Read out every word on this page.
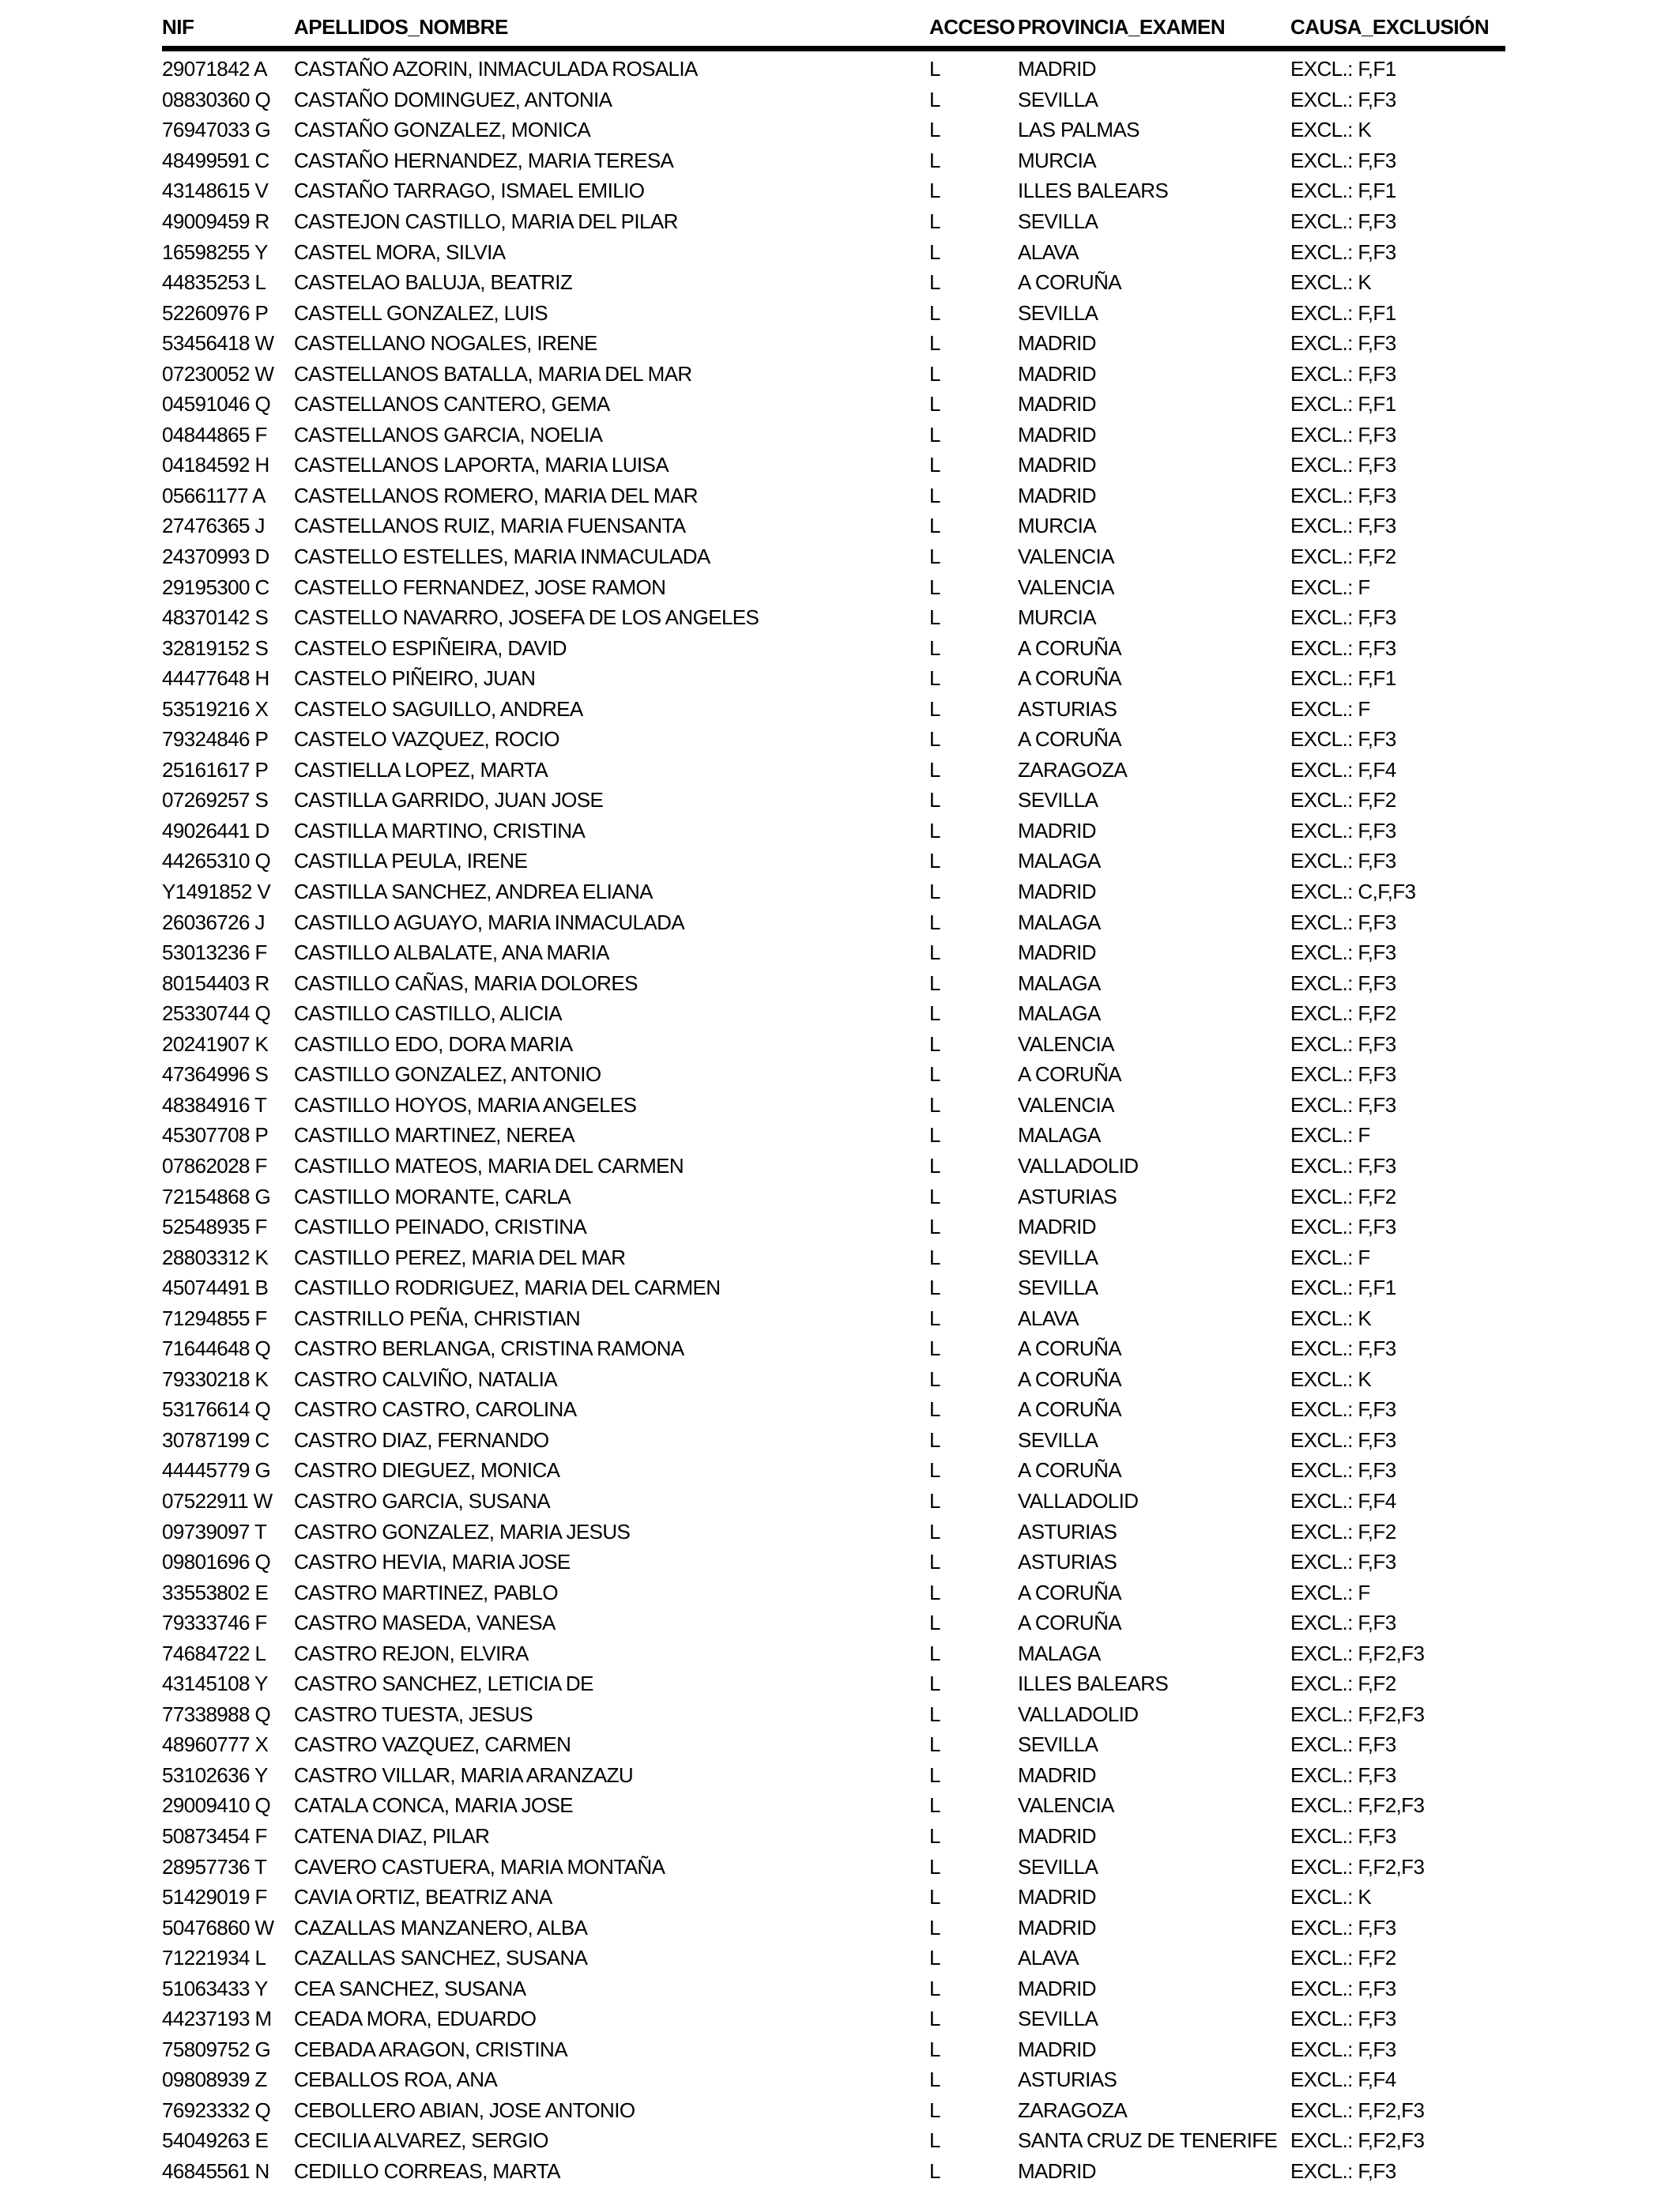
NIF	APELLIDOS_NOMBRE	ACCESO PROVINCIA_EXAMEN	CAUSA_EXCLUSIÓN
29071842 A	CASTAÑO AZORIN, INMACULADA ROSALIA	L	MADRID	EXCL.: F,F1
08830360 Q	CASTAÑO DOMINGUEZ, ANTONIA	L	SEVILLA	EXCL.: F,F3
76947033 G	CASTAÑO GONZALEZ, MONICA	L	LAS PALMAS	EXCL.: K
48499591 C	CASTAÑO HERNANDEZ, MARIA TERESA	L	MURCIA	EXCL.: F,F3
43148615 V	CASTAÑO TARRAGO, ISMAEL EMILIO	L	ILLES BALEARS	EXCL.: F,F1
49009459 R	CASTEJON CASTILLO, MARIA DEL PILAR	L	SEVILLA	EXCL.: F,F3
16598255 Y	CASTEL MORA, SILVIA	L	ALAVA	EXCL.: F,F3
44835253 L	CASTELAO BALUJA, BEATRIZ	L	A CORUÑA	EXCL.: K
52260976 P	CASTELL GONZALEZ, LUIS	L	SEVILLA	EXCL.: F,F1
53456418 W CASTELLANO NOGALES, IRENE	L	MADRID	EXCL.: F,F3
07230052 W CASTELLANOS BATALLA, MARIA DEL MAR	L	MADRID	EXCL.: F,F3
04591046 Q	CASTELLANOS CANTERO, GEMA	L	MADRID	EXCL.: F,F1
04844865 F	CASTELLANOS GARCIA, NOELIA	L	MADRID	EXCL.: F,F3
04184592 H	CASTELLANOS LAPORTA, MARIA LUISA	L	MADRID	EXCL.: F,F3
05661177 A	CASTELLANOS ROMERO, MARIA DEL MAR	L	MADRID	EXCL.: F,F3
27476365 J	CASTELLANOS RUIZ, MARIA FUENSANTA	L	MURCIA	EXCL.: F,F3
24370993 D	CASTELLO ESTELLES, MARIA INMACULADA	L	VALENCIA	EXCL.: F,F2
29195300 C	CASTELLO FERNANDEZ, JOSE RAMON	L	VALENCIA	EXCL.: F
48370142 S	CASTELLO NAVARRO, JOSEFA DE LOS ANGELES	L	MURCIA	EXCL.: F,F3
32819152 S	CASTELO ESPIÑEIRA, DAVID	L	A CORUÑA	EXCL.: F,F3
44477648 H	CASTELO PIÑEIRO, JUAN	L	A CORUÑA	EXCL.: F,F1
53519216 X	CASTELO SAGUILLO, ANDREA	L	ASTURIAS	EXCL.: F
79324846 P	CASTELO VAZQUEZ, ROCIO	L	A CORUÑA	EXCL.: F,F3
25161617 P	CASTIELLA LOPEZ, MARTA	L	ZARAGOZA	EXCL.: F,F4
07269257 S	CASTILLA GARRIDO, JUAN JOSE	L	SEVILLA	EXCL.: F,F2
49026441 D	CASTILLA MARTINO, CRISTINA	L	MADRID	EXCL.: F,F3
44265310 Q	CASTILLA PEULA, IRENE	L	MALAGA	EXCL.: F,F3
Y1491852 V	CASTILLA SANCHEZ, ANDREA ELIANA	L	MADRID	EXCL.: C,F,F3
26036726 J	CASTILLO AGUAYO, MARIA INMACULADA	L	MALAGA	EXCL.: F,F3
53013236 F	CASTILLO ALBALATE, ANA MARIA	L	MADRID	EXCL.: F,F3
80154403 R	CASTILLO CAÑAS, MARIA DOLORES	L	MALAGA	EXCL.: F,F3
25330744 Q	CASTILLO CASTILLO, ALICIA	L	MALAGA	EXCL.: F,F2
20241907 K	CASTILLO EDO, DORA MARIA	L	VALENCIA	EXCL.: F,F3
47364996 S	CASTILLO GONZALEZ, ANTONIO	L	A CORUÑA	EXCL.: F,F3
48384916 T	CASTILLO HOYOS, MARIA ANGELES	L	VALENCIA	EXCL.: F,F3
45307708 P	CASTILLO MARTINEZ, NEREA	L	MALAGA	EXCL.: F
07862028 F	CASTILLO MATEOS, MARIA DEL CARMEN	L	VALLADOLID	EXCL.: F,F3
72154868 G	CASTILLO MORANTE, CARLA	L	ASTURIAS	EXCL.: F,F2
52548935 F	CASTILLO PEINADO, CRISTINA	L	MADRID	EXCL.: F,F3
28803312 K	CASTILLO PEREZ, MARIA DEL MAR	L	SEVILLA	EXCL.: F
45074491 B	CASTILLO RODRIGUEZ, MARIA DEL CARMEN	L	SEVILLA	EXCL.: F,F1
71294855 F	CASTRILLO PEÑA, CHRISTIAN	L	ALAVA	EXCL.: K
71644648 Q	CASTRO BERLANGA, CRISTINA RAMONA	L	A CORUÑA	EXCL.: F,F3
79330218 K	CASTRO CALVIÑO, NATALIA	L	A CORUÑA	EXCL.: K
53176614 Q	CASTRO CASTRO, CAROLINA	L	A CORUÑA	EXCL.: F,F3
30787199 C	CASTRO DIAZ, FERNANDO	L	SEVILLA	EXCL.: F,F3
44445779 G	CASTRO DIEGUEZ, MONICA	L	A CORUÑA	EXCL.: F,F3
07522911 W	CASTRO GARCIA, SUSANA	L	VALLADOLID	EXCL.: F,F4
09739097 T	CASTRO GONZALEZ, MARIA JESUS	L	ASTURIAS	EXCL.: F,F2
09801696 Q	CASTRO HEVIA, MARIA JOSE	L	ASTURIAS	EXCL.: F,F3
33553802 E	CASTRO MARTINEZ, PABLO	L	A CORUÑA	EXCL.: F
79333746 F	CASTRO MASEDA, VANESA	L	A CORUÑA	EXCL.: F,F3
74684722 L	CASTRO REJON, ELVIRA	L	MALAGA	EXCL.: F,F2,F3
43145108 Y	CASTRO SANCHEZ, LETICIA DE	L	ILLES BALEARS	EXCL.: F,F2
77338988 Q	CASTRO TUESTA, JESUS	L	VALLADOLID	EXCL.: F,F2,F3
48960777 X	CASTRO VAZQUEZ, CARMEN	L	SEVILLA	EXCL.: F,F3
53102636 Y	CASTRO VILLAR, MARIA ARANZAZU	L	MADRID	EXCL.: F,F3
29009410 Q	CATALA CONCA, MARIA JOSE	L	VALENCIA	EXCL.: F,F2,F3
50873454 F	CATENA DIAZ, PILAR	L	MADRID	EXCL.: F,F3
28957736 T	CAVERO CASTUERA, MARIA MONTAÑA	L	SEVILLA	EXCL.: F,F2,F3
51429019 F	CAVIA ORTIZ, BEATRIZ ANA	L	MADRID	EXCL.: K
50476860 W CAZALLAS MANZANERO, ALBA	L	MADRID	EXCL.: F,F3
71221934 L	CAZALLAS SANCHEZ, SUSANA	L	ALAVA	EXCL.: F,F2
51063433 Y	CEA SANCHEZ, SUSANA	L	MADRID	EXCL.: F,F3
44237193 M	CEADA MORA, EDUARDO	L	SEVILLA	EXCL.: F,F3
75809752 G	CEBADA ARAGON, CRISTINA	L	MADRID	EXCL.: F,F3
09808939 Z	CEBALLOS ROA, ANA	L	ASTURIAS	EXCL.: F,F4
76923332 Q	CEBOLLERO ABIAN, JOSE ANTONIO	L	ZARAGOZA	EXCL.: F,F2,F3
54049263 E	CECILIA ALVAREZ, SERGIO	L	SANTA CRUZ DE TENERIFE EXCL.: F,F2,F3
46845561 N	CEDILLO CORREAS, MARTA	L	MADRID	EXCL.: F,F3
